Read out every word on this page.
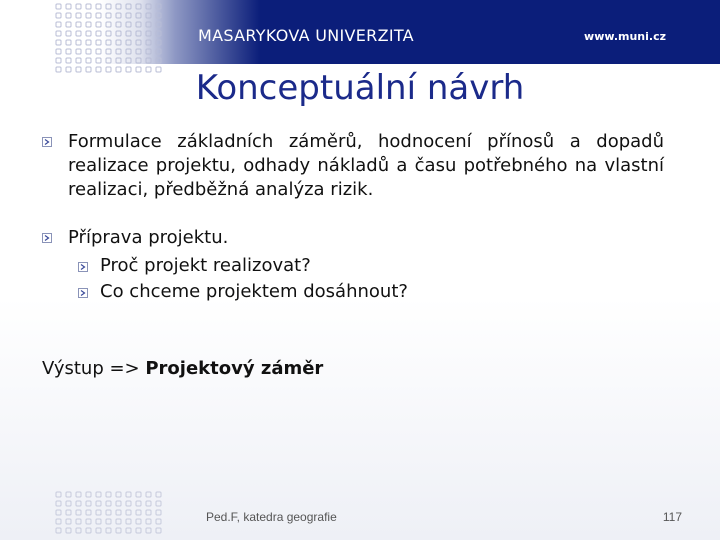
MASARYKOVA UNIVERZITA	www.muni.cz
Konceptuální návrh
Formulace základních záměrů, hodnocení přínosů a dopadů realizace projektu, odhady nákladů a času potřebného na vlastní realizaci, předběžná analýza rizik.
Příprava projektu.
Proč projekt realizovat?
Co chceme projektem dosáhnout?
Výstup => Projektový záměr
Ped.F, katedra geografie	117
